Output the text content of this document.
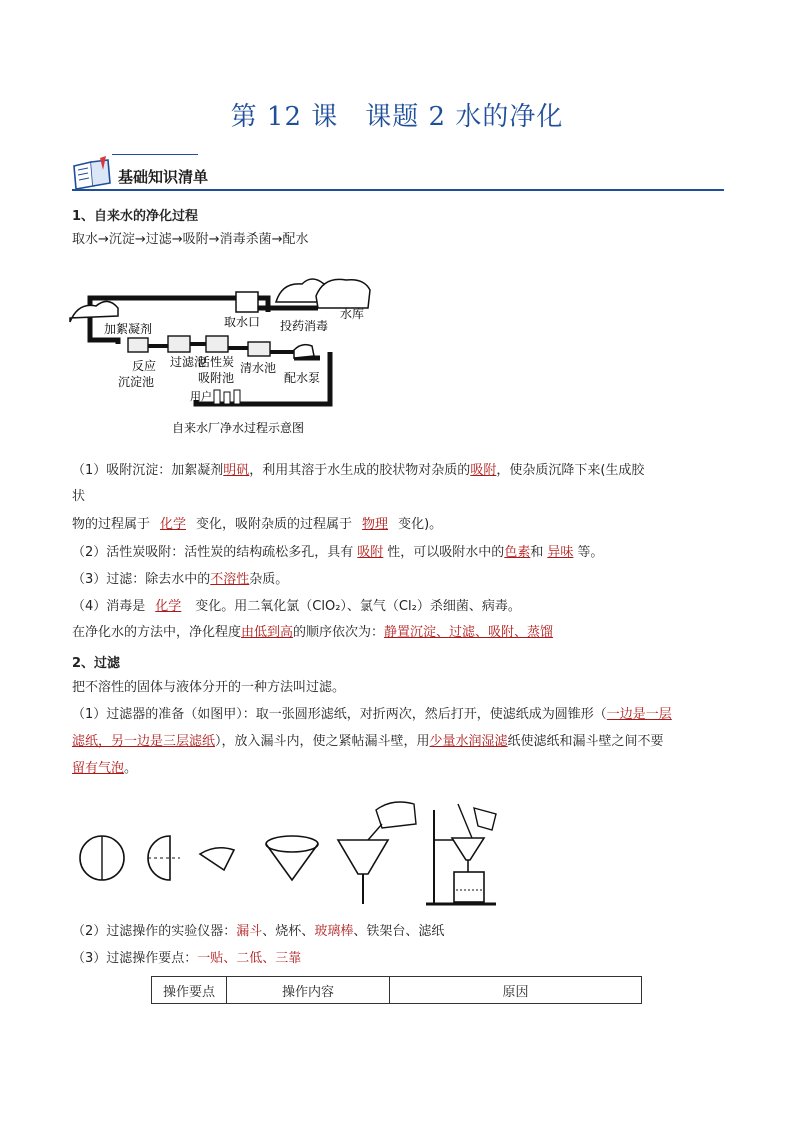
第 12 课　课题 2 水的净化
基础知识清单
1、自来水的净化过程
取水→沉淀→过滤→吸附→消毒杀菌→配水
加絮凝剂
反应
沉淀池
过滤池
活性炭
吸附池
清水池
配水泵
用户
取水口 投药消毒
水库
自来水厂净水过程示意图
（1）吸附沉淀：加絮凝剂明矾，利用其溶于水生成的胶状物对杂质的吸附，使杂质沉降下来(生成胶
状
物的过程属于 化学 变化，吸附杂质的过程属于 物理 变化)。
（2）活性炭吸附：活性炭的结构疏松多孔，具有 吸附 性，可以吸附水中的色素和 异味 等。
（3）过滤：除去水中的不溶性杂质。
（4）消毒是 化学 变化。用二氧化氯（ClO₂）、氯气（Cl₂）杀细菌、病毒。
在净化水的方法中，净化程度由低到高的顺序依次为：静置沉淀、过滤、吸附、蒸馏
2、过滤
把不溶性的固体与液体分开的一种方法叫过滤。
（1）过滤器的准备（如图甲）：取一张圆形滤纸，对折两次，然后打开，使滤纸成为圆锥形（一边是一层
滤纸，另一边是三层滤纸），放入漏斗内，使之紧帖漏斗壁，用少量水润湿滤纸使滤纸和漏斗壁之间不要
留有气泡。
（2）过滤操作的实验仪器：漏斗、烧杯、玻璃棒、铁架台、滤纸
（3）过滤操作要点：一贴、二低、三靠
操作要点	操作内容	原因
